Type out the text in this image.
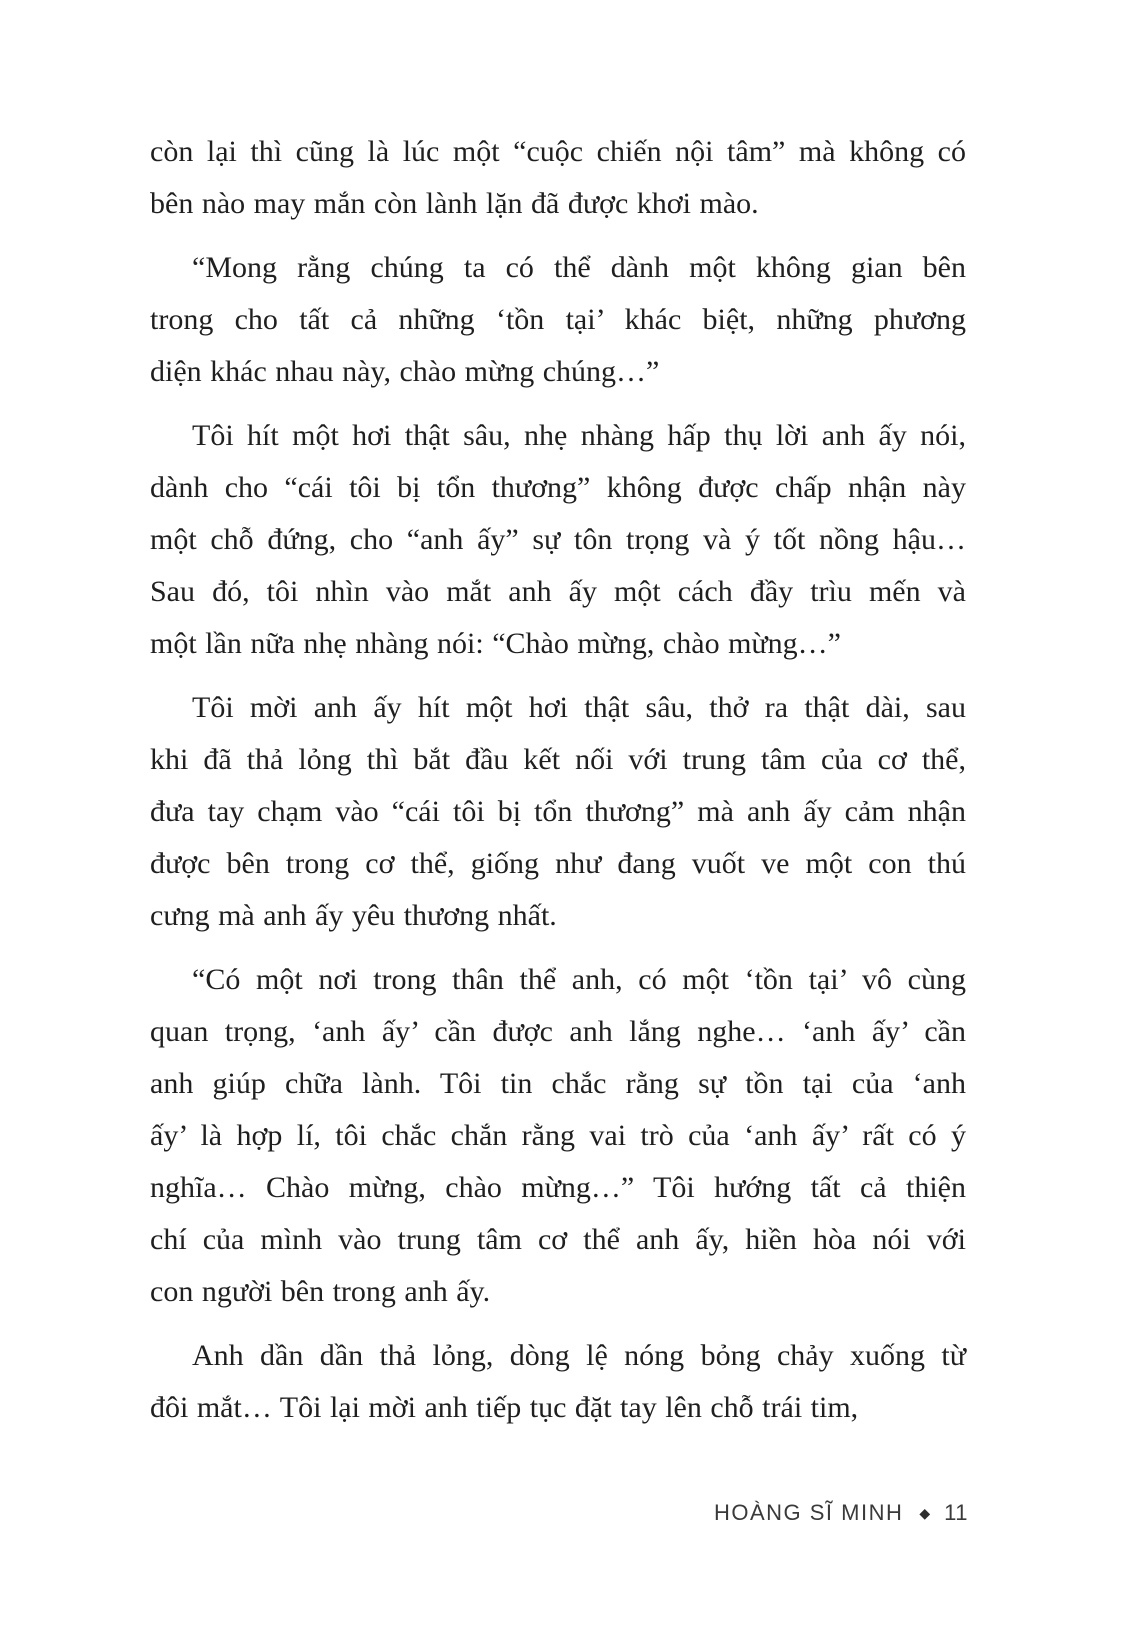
còn lại thì cũng là lúc một “cuộc chiến nội tâm” mà không có
bên nào may mắn còn lành lặn đã được khơi mào.
“Mong rằng chúng ta có thể dành một không gian bên
trong cho tất cả những ‘tồn tại’ khác biệt, những phương
diện khác nhau này, chào mừng chúng…”
Tôi hít một hơi thật sâu, nhẹ nhàng hấp thụ lời anh ấy nói,
dành cho “cái tôi bị tổn thương” không được chấp nhận này
một chỗ đứng, cho “anh ấy” sự tôn trọng và ý tốt nồng hậu…
Sau đó, tôi nhìn vào mắt anh ấy một cách đầy trìu mến và
một lần nữa nhẹ nhàng nói: “Chào mừng, chào mừng…”
Tôi mời anh ấy hít một hơi thật sâu, thở ra thật dài, sau
khi đã thả lỏng thì bắt đầu kết nối với trung tâm của cơ thể,
đưa tay chạm vào “cái tôi bị tổn thương” mà anh ấy cảm nhận
được bên trong cơ thể, giống như đang vuốt ve một con thú
cưng mà anh ấy yêu thương nhất.
“Có một nơi trong thân thể anh, có một ‘tồn tại’ vô cùng
quan trọng, ‘anh ấy’ cần được anh lắng nghe… ‘anh ấy’ cần
anh giúp chữa lành. Tôi tin chắc rằng sự tồn tại của ‘anh
ấy’ là hợp lí, tôi chắc chắn rằng vai trò của ‘anh ấy’ rất có ý
nghĩa… Chào mừng, chào mừng…” Tôi hướng tất cả thiện
chí của mình vào trung tâm cơ thể anh ấy, hiền hòa nói với
con người bên trong anh ấy.
Anh dần dần thả lỏng, dòng lệ nóng bỏng chảy xuống từ
đôi mắt… Tôi lại mời anh tiếp tục đặt tay lên chỗ trái tim,
HOÀNG SĨ MINH ◆ 11
